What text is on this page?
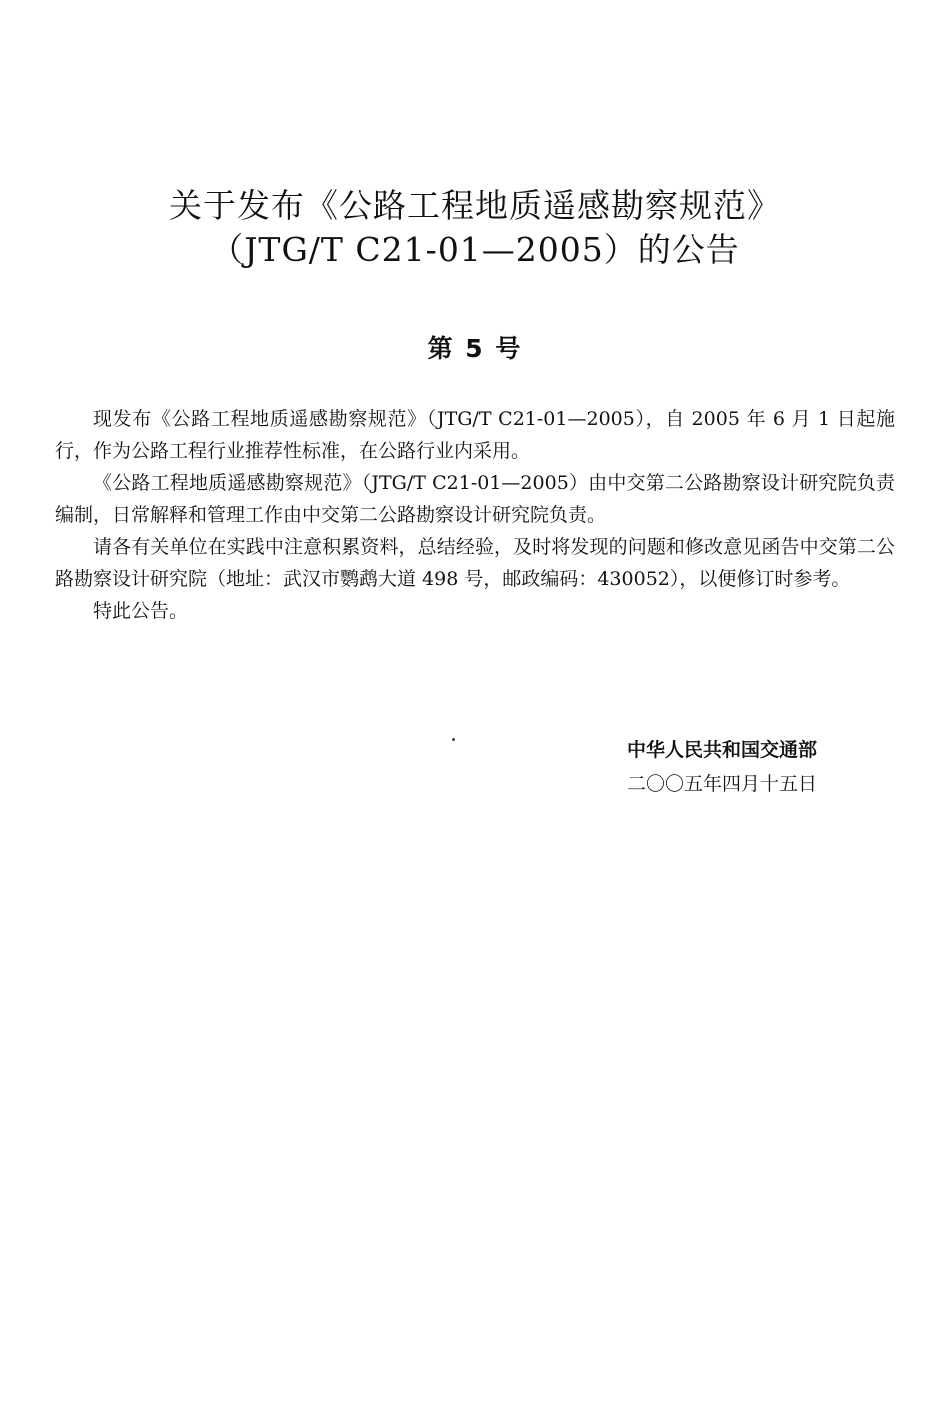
关于发布《公路工程地质遥感勘察规范》
（JTG/T C21-01—2005）的公告
第 5 号

现发布《公路工程地质遥感勘察规范》（JTG/T C21-01—2005），自 2005 年 6 月 1 日起施行，作为公路工程行业推荐性标准，在公路行业内采用。

《公路工程地质遥感勘察规范》（JTG/T C21-01—2005）由中交第二公路勘察设计研究院负责编制，日常解释和管理工作由中交第二公路勘察设计研究院负责。

请各有关单位在实践中注意积累资料，总结经验，及时将发现的问题和修改意见函告中交第二公路勘察设计研究院（地址：武汉市鹦鹉大道 498 号，邮政编码：430052），以便修订时参考。

特此公告。

中华人民共和国交通部
二〇〇五年四月十五日
